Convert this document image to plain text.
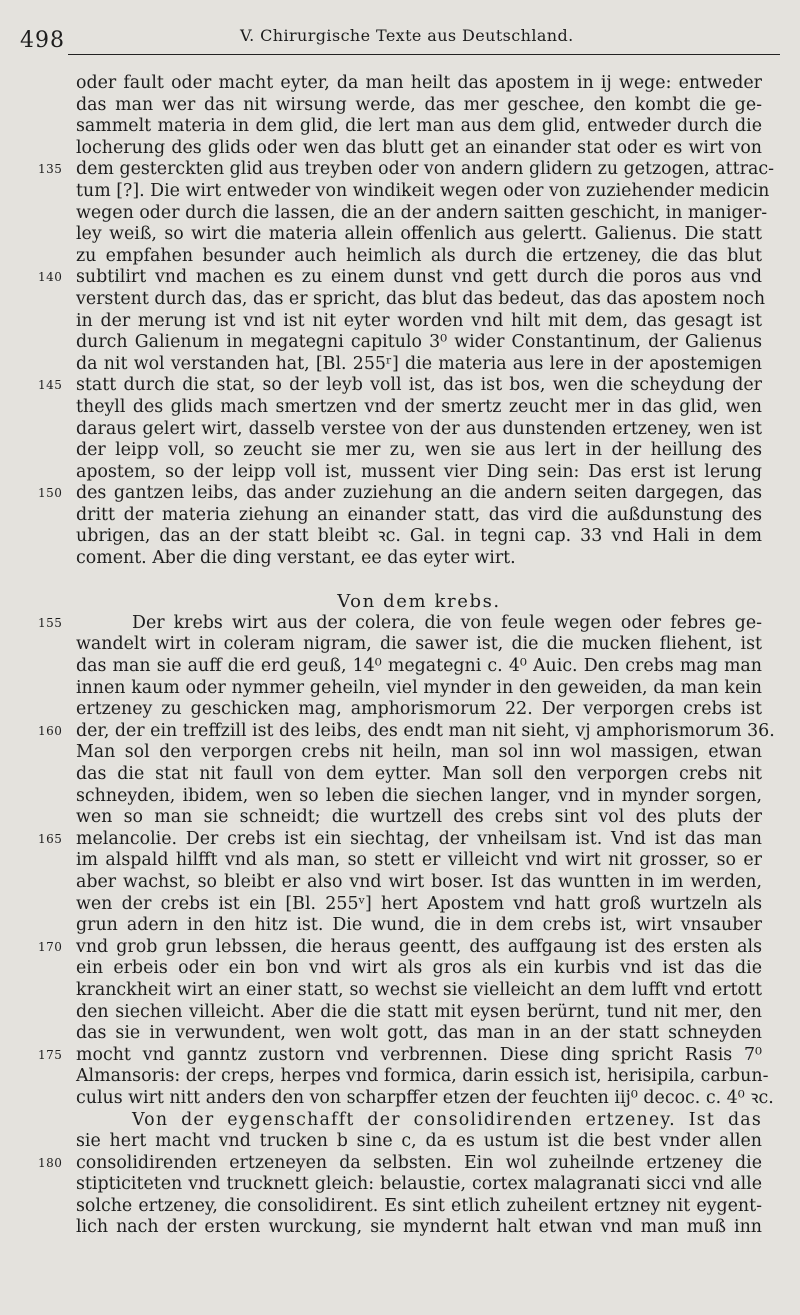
498	V. Chirurgische Texte aus Deutschland.
oder fault oder macht eyter, da man heilt das apostem in ij wege: entweder
das man wer das nit wirsung werde, das mer geschee, den kombt die ge-
sammelt materia in dem glid, die lert man aus dem glid, entweder durch die
locherung des glids oder wen das blutt get an einander stat oder es wirt von
135 dem gesterckten glid aus treyben oder von andern glidern zu getzogen, attrac-
tum [?]. Die wirt entweder von windikeit wegen oder von zuziehender medicin
wegen oder durch die lassen, die an der andern saitten geschicht, in maniger-
ley weiß, so wirt die materia allein offenlich aus gelertt. Galienus. Die statt
zu empfahen besunder auch heimlich als durch die ertzeney, die das blut
140 subtilirt vnd machen es zu einem dunst vnd gett durch die poros aus vnd
verstent durch das, das er spricht, das blut das bedeut, das das apostem noch
in der merung ist vnd ist nit eyter worden vnd hilt mit dem, das gesagt ist
durch Galienum in megategni capitulo 3⁰ wider Constantinum, der Galienus
da nit wol verstanden hat, [Bl. 255ʳ] die materia aus lere in der apostemigen
145 statt durch die stat, so der leyb voll ist, das ist bos, wen die scheydung der
theyll des glids mach smertzen vnd der smertz zeucht mer in das glid, wen
daraus gelert wirt, dasselb verstee von der aus dunstenden ertzeney, wen ist
der leipp voll, so zeucht sie mer zu, wen sie aus lert in der heillung des
apostem, so der leipp voll ist, mussent vier Ding sein: Das erst ist lerung
150 des gantzen leibs, das ander zuziehung an die andern seiten dargegen, das
dritt der materia ziehung an einander statt, das vird die außdunstung des
ubrigen, das an der statt bleibt ꝛc. Gal. in tegni cap. 33 vnd Hali in dem
coment. Aber die ding verstant, ee das eyter wirt.
Von dem krebs.
155	Der krebs wirt aus der colera, die von feule wegen oder febres ge-
wandelt wirt in coleram nigram, die sawer ist, die die mucken fliehent, ist
das man sie auff die erd geuß, 14⁰ megategni c. 4⁰ Auic. Den crebs mag man
innen kaum oder nymmer geheiln, viel mynder in den geweiden, da man kein
ertzeney zu geschicken mag, amphorismorum 22. Der verporgen crebs ist
160 der, der ein treffzill ist des leibs, des endt man nit sieht, vj amphorismorum 36.
Man sol den verporgen crebs nit heiln, man sol inn wol massigen, etwan
das die stat nit faull von dem eytter. Man soll den verporgen crebs nit
schneyden, ibidem, wen so leben die siechen langer, vnd in mynder sorgen,
wen so man sie schneidt; die wurtzell des crebs sint vol des pluts der
165 melancolie. Der crebs ist ein siechtag, der vnheilsam ist. Vnd ist das man
im alspald hilfft vnd als man, so stett er villeicht vnd wirt nit grosser, so er
aber wachst, so bleibt er also vnd wirt boser. Ist das wuntten in im werden,
wen der crebs ist ein [Bl. 255ᵛ] hert Apostem vnd hatt groß wurtzeln als
grun adern in den hitz ist. Die wund, die in dem crebs ist, wirt vnsauber
170 vnd grob grun lebssen, die heraus geentt, des auffgaung ist des ersten als
ein erbeis oder ein bon vnd wirt als gros als ein kurbis vnd ist das die
kranckheit wirt an einer statt, so wechst sie vielleicht an dem lufft vnd ertott
den siechen villeicht. Aber die die statt mit eysen berürnt, tund nit mer, den
das sie in verwundent, wen wolt gott, das man in an der statt schneyden
175 mocht vnd ganntz zustorn vnd verbrennen. Diese ding spricht Rasis 7⁰
Almansoris: der creps, herpes vnd formica, darin essich ist, herisipila, carbun-
culus wirt nitt anders den von scharpffer etzen der feuchten iij⁰ decoc. c. 4⁰ ꝛc.
Von der eygenschafft der consolidirenden ertzeney. Ist das
sie hert macht vnd trucken b sine c, da es ustum ist die best vnder allen
180 consolidirenden ertzeneyen da selbsten. Ein wol zuheilnde ertzeney die
stipticiteten vnd trucknett gleich: belaustie, cortex malagranati sicci vnd alle
solche ertzeney, die consolidirent. Es sint etlich zuheilent ertzney nit eygent-
lich nach der ersten wurckung, sie myndernt halt etwan vnd man muß inn
